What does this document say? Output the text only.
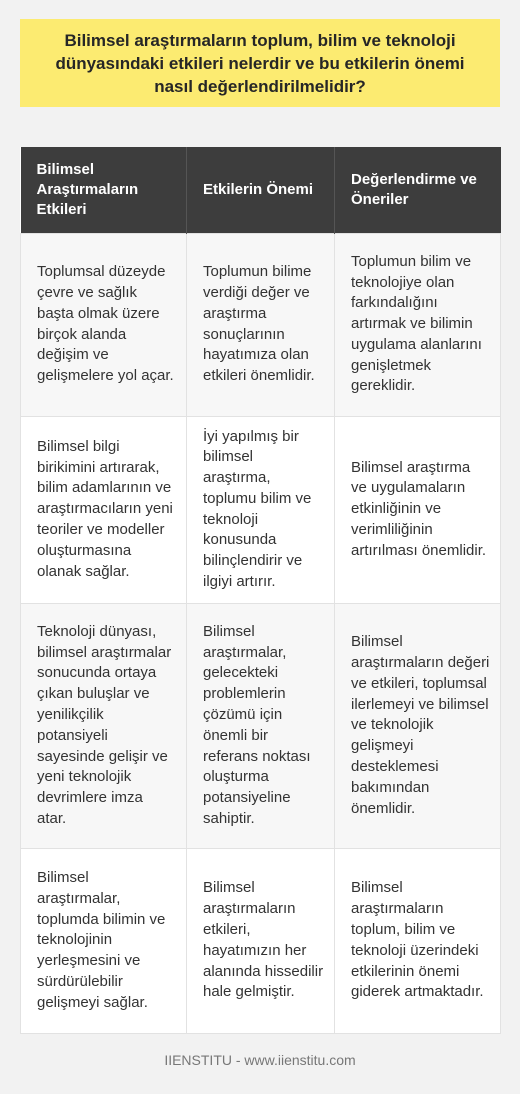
Bilimsel araştırmaların toplum, bilim ve teknoloji dünyasındaki etkileri nelerdir ve bu etkilerin önemi nasıl değerlendirilmelidir?
Bilimsel Araştırmaların Etkileri	Etkilerin Önemi	Değerlendirme ve Öneriler
Toplumsal düzeyde çevre ve sağlık başta olmak üzere birçok alanda değişim ve gelişmelere yol açar.	Toplumun bilime verdiği değer ve araştırma sonuçlarının hayatımıza olan etkileri önemlidir.	Toplumun bilim ve teknolojiye olan farkındalığını artırmak ve bilimin uygulama alanlarını genişletmek gereklidir.
Bilimsel bilgi birikimini artırarak, bilim adamlarının ve araştırmacıların yeni teoriler ve modeller oluşturmasına olanak sağlar.	İyi yapılmış bir bilimsel araştırma, toplumu bilim ve teknoloji konusunda bilinçlendirir ve ilgiyi artırır.	Bilimsel araştırma ve uygulamaların etkinliğinin ve verimliliğinin artırılması önemlidir.
Teknoloji dünyası, bilimsel araştırmalar sonucunda ortaya çıkan buluşlar ve yenilikçilik potansiyeli sayesinde gelişir ve yeni teknolojik devrimlere imza atar.	Bilimsel araştırmalar, gelecekteki problemlerin çözümü için önemli bir referans noktası oluşturma potansiyeline sahiptir.	Bilimsel araştırmaların değeri ve etkileri, toplumsal ilerlemeyi ve bilimsel ve teknolojik gelişmeyi desteklemesi bakımından önemlidir.
Bilimsel araştırmalar, toplumda bilimin ve teknolojinin yerleşmesini ve sürdürülebilir gelişmeyi sağlar.	Bilimsel araştırmaların etkileri, hayatımızın her alanında hissedilir hale gelmiştir.	Bilimsel araştırmaların toplum, bilim ve teknoloji üzerindeki etkilerinin önemi giderek artmaktadır.
IIENSTITU - www.iienstitu.com
